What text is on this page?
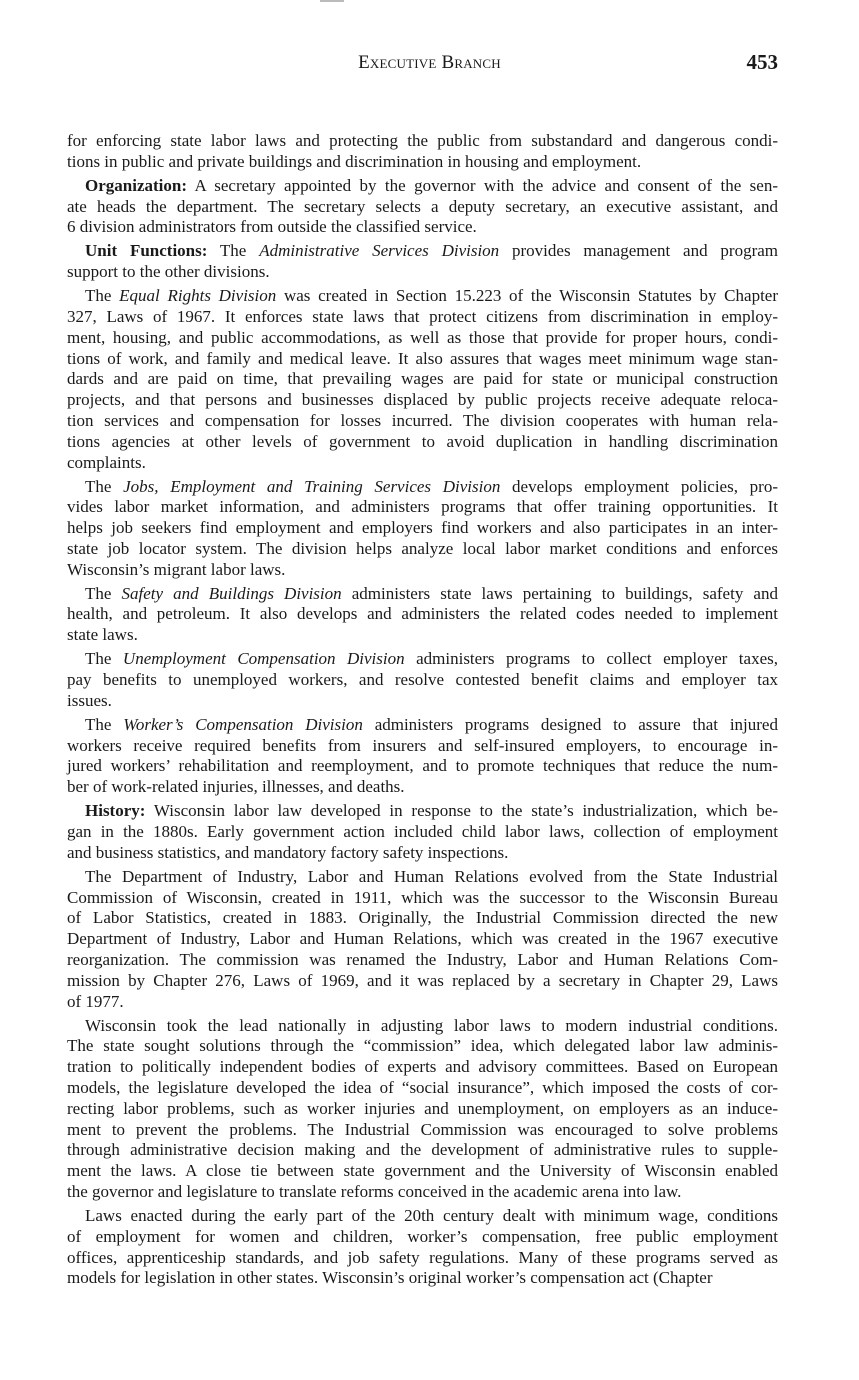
Executive Branch	453
for enforcing state labor laws and protecting the public from substandard and dangerous condi-
tions in public and private buildings and discrimination in housing and employment.
Organization: A secretary appointed by the governor with the advice and consent of the sen-
ate heads the department. The secretary selects a deputy secretary, an executive assistant, and
6 division administrators from outside the classified service.
Unit Functions: The Administrative Services Division provides management and program
support to the other divisions.
The Equal Rights Division was created in Section 15.223 of the Wisconsin Statutes by Chapter
327, Laws of 1967. It enforces state laws that protect citizens from discrimination in employ-
ment, housing, and public accommodations, as well as those that provide for proper hours, condi-
tions of work, and family and medical leave. It also assures that wages meet minimum wage stan-
dards and are paid on time, that prevailing wages are paid for state or municipal construction
projects, and that persons and businesses displaced by public projects receive adequate reloca-
tion services and compensation for losses incurred. The division cooperates with human rela-
tions agencies at other levels of government to avoid duplication in handling discrimination
complaints.
The Jobs, Employment and Training Services Division develops employment policies, pro-
vides labor market information, and administers programs that offer training opportunities. It
helps job seekers find employment and employers find workers and also participates in an inter-
state job locator system. The division helps analyze local labor market conditions and enforces
Wisconsin’s migrant labor laws.
The Safety and Buildings Division administers state laws pertaining to buildings, safety and
health, and petroleum. It also develops and administers the related codes needed to implement
state laws.
The Unemployment Compensation Division administers programs to collect employer taxes,
pay benefits to unemployed workers, and resolve contested benefit claims and employer tax
issues.
The Worker’s Compensation Division administers programs designed to assure that injured
workers receive required benefits from insurers and self-insured employers, to encourage in-
jured workers’ rehabilitation and reemployment, and to promote techniques that reduce the num-
ber of work-related injuries, illnesses, and deaths.
History: Wisconsin labor law developed in response to the state’s industrialization, which be-
gan in the 1880s. Early government action included child labor laws, collection of employment
and business statistics, and mandatory factory safety inspections.
The Department of Industry, Labor and Human Relations evolved from the State Industrial
Commission of Wisconsin, created in 1911, which was the successor to the Wisconsin Bureau
of Labor Statistics, created in 1883. Originally, the Industrial Commission directed the new
Department of Industry, Labor and Human Relations, which was created in the 1967 executive
reorganization. The commission was renamed the Industry, Labor and Human Relations Com-
mission by Chapter 276, Laws of 1969, and it was replaced by a secretary in Chapter 29, Laws
of 1977.
Wisconsin took the lead nationally in adjusting labor laws to modern industrial conditions.
The state sought solutions through the “commission” idea, which delegated labor law adminis-
tration to politically independent bodies of experts and advisory committees. Based on European
models, the legislature developed the idea of “social insurance”, which imposed the costs of cor-
recting labor problems, such as worker injuries and unemployment, on employers as an induce-
ment to prevent the problems. The Industrial Commission was encouraged to solve problems
through administrative decision making and the development of administrative rules to supple-
ment the laws. A close tie between state government and the University of Wisconsin enabled
the governor and legislature to translate reforms conceived in the academic arena into law.
Laws enacted during the early part of the 20th century dealt with minimum wage, conditions
of employment for women and children, worker’s compensation, free public employment
offices, apprenticeship standards, and job safety regulations. Many of these programs served as
models for legislation in other states. Wisconsin’s original worker’s compensation act (Chapter
